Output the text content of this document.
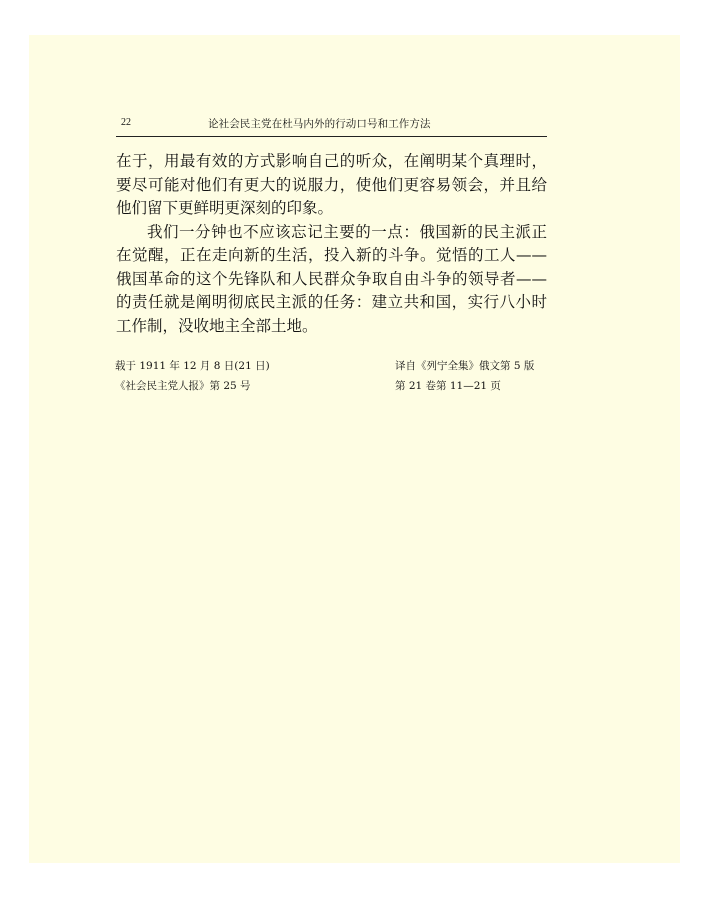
22	论社会民主党在杜马内外的行动口号和工作方法

在于，用最有效的方式影响自己的听众，在阐明某个真理时，要尽可能对他们有更大的说服力，使他们更容易领会，并且给他们留下更鲜明更深刻的印象。

我们一分钟也不应该忘记主要的一点：俄国新的民主派正在觉醒，正在走向新的生活，投入新的斗争。觉悟的工人——俄国革命的这个先锋队和人民群众争取自由斗争的领导者——的责任就是阐明彻底民主派的任务：建立共和国，实行八小时工作制，没收地主全部土地。

载于 1911 年 12 月 8 日(21 日)
《社会民主党人报》第 25 号
译自《列宁全集》俄文第 5 版
第 21 卷第 11—21 页
